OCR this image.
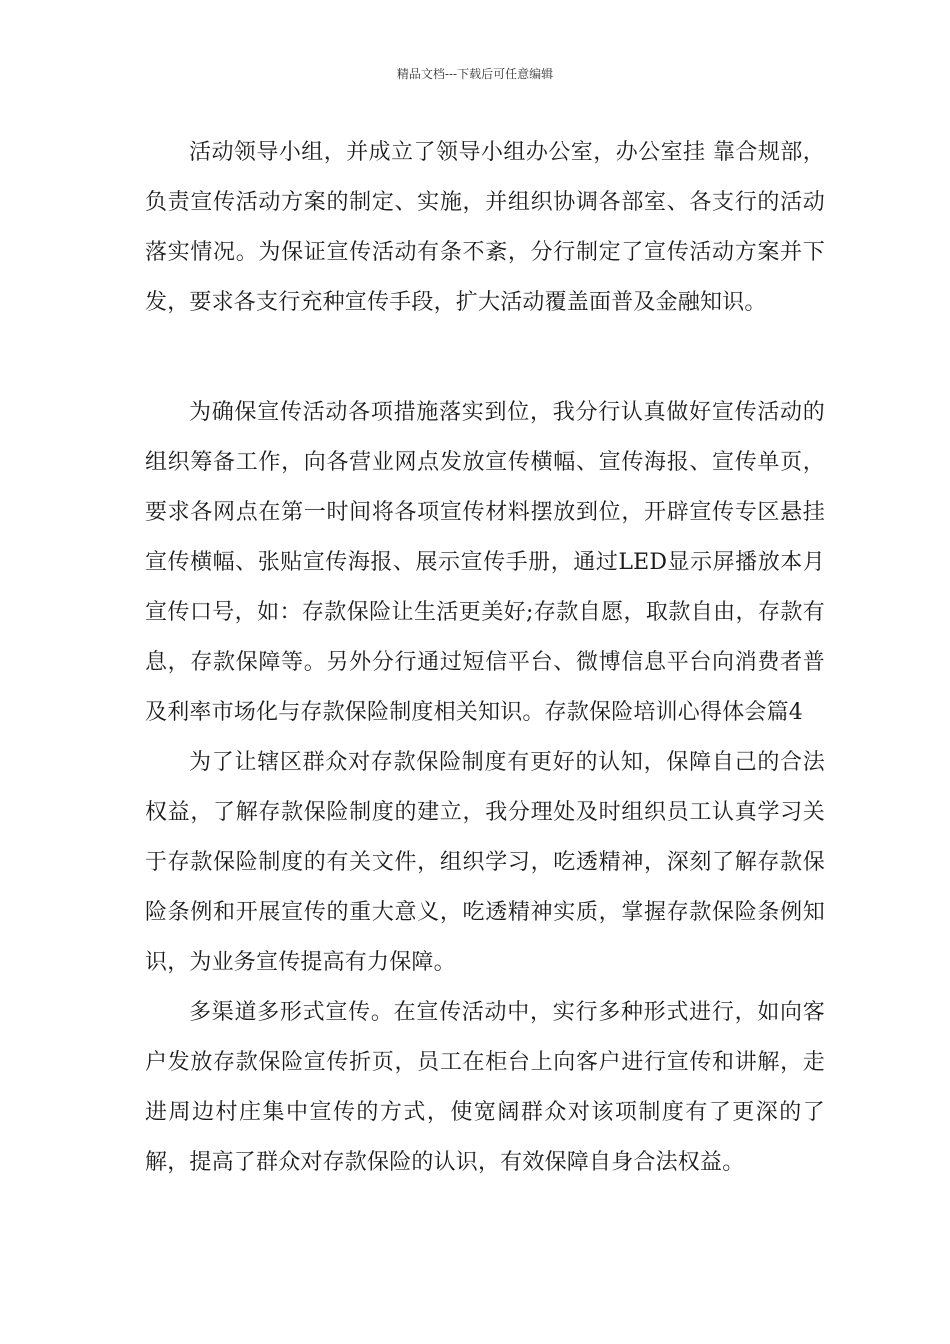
精品文档---下载后可任意编辑

活动领导小组，并成立了领导小组办公室，办公室挂 靠合规部，负责宣传活动方案的制定、实施，并组织协调各部室、各支行的活动落实情况。为保证宣传活动有条不紊，分行制定了宣传活动方案并下发，要求各支行充种宣传手段，扩大活动覆盖面普及金融知识。

为确保宣传活动各项措施落实到位，我分行认真做好宣传活动的组织筹备工作，向各营业网点发放宣传横幅、宣传海报、宣传单页，要求各网点在第一时间将各项宣传材料摆放到位，开辟宣传专区悬挂宣传横幅、张贴宣传海报、展示宣传手册，通过LED显示屏播放本月宣传口号，如：存款保险让生活更美好;存款自愿，取款自由，存款有息，存款保障等。另外分行通过短信平台、微博信息平台向消费者普及利率市场化与存款保险制度相关知识。存款保险培训心得体会篇4

为了让辖区群众对存款保险制度有更好的认知，保障自己的合法权益，了解存款保险制度的建立，我分理处及时组织员工认真学习关于存款保险制度的有关文件，组织学习，吃透精神，深刻了解存款保险条例和开展宣传的重大意义，吃透精神实质，掌握存款保险条例知识，为业务宣传提高有力保障。

多渠道多形式宣传。在宣传活动中，实行多种形式进行，如向客户发放存款保险宣传折页，员工在柜台上向客户进行宣传和讲解，走进周边村庄集中宣传的方式，使宽阔群众对该项制度有了更深的了解，提高了群众对存款保险的认识，有效保障自身合法权益。
